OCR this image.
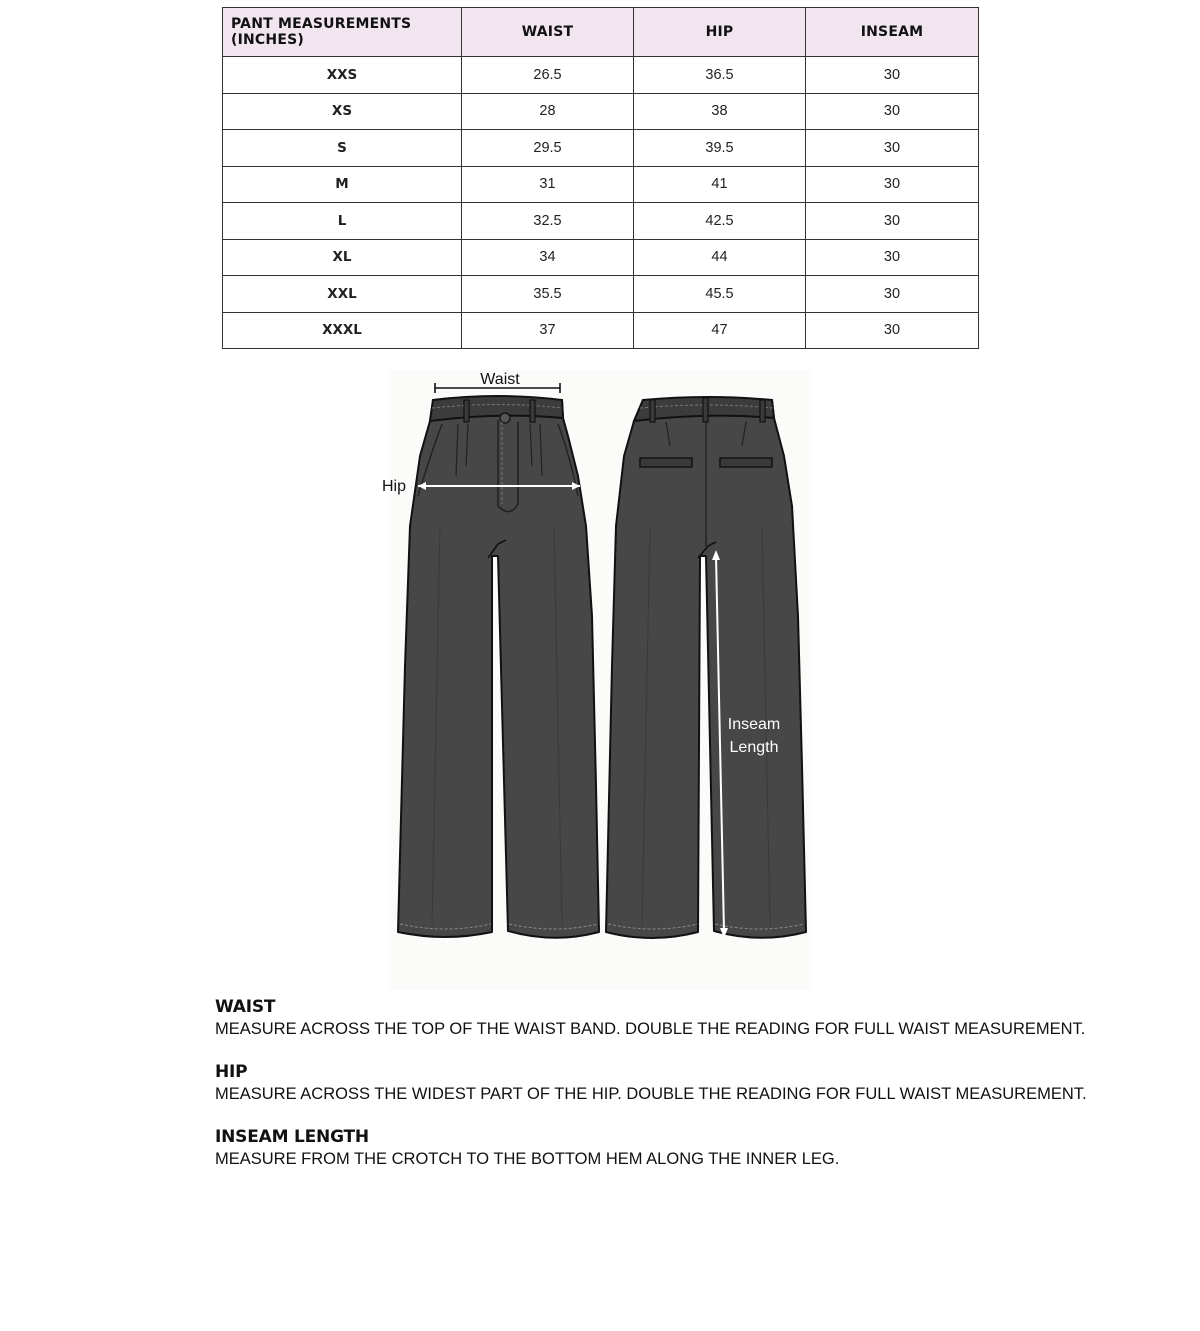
PANT MEASUREMENTS (INCHES)	WAIST	HIP	INSEAM
XXS	26.5	36.5	30
XS	28	38	30
S	29.5	39.5	30
M	31	41	30
L	32.5	42.5	30
XL	34	44	30
XXL	35.5	45.5	30
XXXL	37	47	30
Waist
Hip
Inseam
Length
WAIST

MEASURE ACROSS THE TOP OF THE WAIST BAND. DOUBLE THE READING FOR FULL WAIST MEASUREMENT.

HIP

MEASURE ACROSS THE WIDEST PART OF THE HIP. DOUBLE THE READING FOR FULL WAIST MEASUREMENT.

INSEAM LENGTH

MEASURE FROM THE CROTCH TO THE BOTTOM HEM ALONG THE INNER LEG.
